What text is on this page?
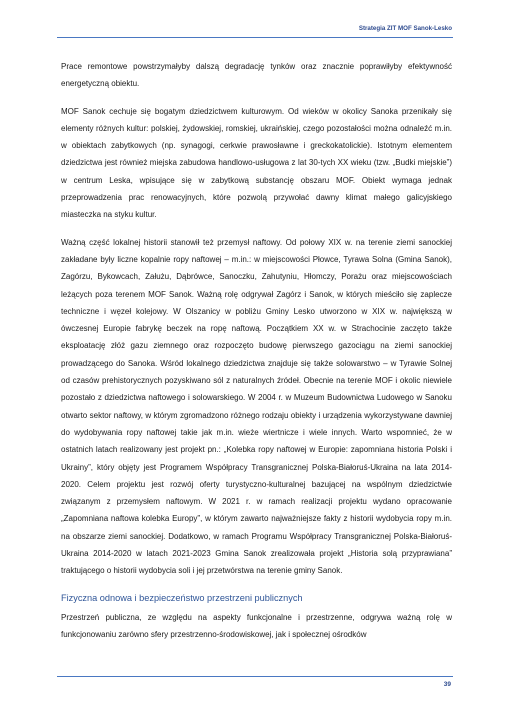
Strategia ZIT MOF Sanok-Lesko

Prace remontowe powstrzymałyby dalszą degradację tynków oraz znacznie poprawiłyby efektywność energetyczną obiektu.

MOF Sanok cechuje się bogatym dziedzictwem kulturowym. Od wieków w okolicy Sanoka przenikały się elementy różnych kultur: polskiej, żydowskiej, romskiej, ukraińskiej, czego pozostałości można odnaleźć m.in. w obiektach zabytkowych (np. synagogi, cerkwie prawosławne i greckokatolickie). Istotnym elementem dziedzictwa jest również miejska zabudowa handlowo-usługowa z lat 30-tych XX wieku (tzw. „Budki miejskie”) w centrum Leska, wpisujące się w zabytkową substancję obszaru MOF. Obiekt wymaga jednak przeprowadzenia prac renowacyjnych, które pozwolą przywołać dawny klimat małego galicyjskiego miasteczka na styku kultur.

Ważną część lokalnej historii stanowił też przemysł naftowy. Od połowy XIX w. na terenie ziemi sanockiej zakładane były liczne kopalnie ropy naftowej – m.in.: w miejscowości Płowce, Tyrawa Solna (Gmina Sanok), Zagórzu, Bykowcach, Załużu, Dąbrówce, Sanoczku, Zahutyniu, Hłomczy, Porażu oraz miejscowościach leżących poza terenem MOF Sanok. Ważną rolę odgrywał Zagórz i Sanok, w których mieściło się zaplecze techniczne i węzeł kolejowy. W Olszanicy w pobliżu Gminy Lesko utworzono w XIX w. największą w ówczesnej Europie fabrykę beczek na ropę naftową. Początkiem XX w. w Strachocinie zaczęto także eksploatację złóż gazu ziemnego oraz rozpoczęto budowę pierwszego gazociągu na ziemi sanockiej prowadzącego do Sanoka. Wśród lokalnego dziedzictwa znajduje się także solowarstwo – w Tyrawie Solnej od czasów prehistorycznych pozyskiwano sól z naturalnych źródeł. Obecnie na terenie MOF i okolic niewiele pozostało z dziedzictwa naftowego i solowarskiego. W 2004 r. w Muzeum Budownictwa Ludowego w Sanoku otwarto sektor naftowy, w którym zgromadzono różnego rodzaju obiekty i urządzenia wykorzystywane dawniej do wydobywania ropy naftowej takie jak m.in. wieże wiertnicze i wiele innych. Warto wspomnieć, że w ostatnich latach realizowany jest projekt pn.: „Kolebka ropy naftowej w Europie: zapomniana historia Polski i Ukrainy”, który objęty jest Programem Współpracy Transgranicznej Polska-Białoruś-Ukraina na lata 2014-2020. Celem projektu jest rozwój oferty turystyczno-kulturalnej bazującej na wspólnym dziedzictwie związanym z przemysłem naftowym. W 2021 r. w ramach realizacji projektu wydano opracowanie „Zapomniana naftowa kolebka Europy”, w którym zawarto najważniejsze fakty z historii wydobycia ropy m.in. na obszarze ziemi sanockiej. Dodatkowo, w ramach Programu Współpracy Transgranicznej Polska-Białoruś-Ukraina 2014-2020 w latach 2021-2023 Gmina Sanok zrealizowała projekt „Historia solą przyprawiana” traktującego o historii wydobycia soli i jej przetwórstwa na terenie gminy Sanok.

Fizyczna odnowa i bezpieczeństwo przestrzeni publicznych

Przestrzeń publiczna, ze względu na aspekty funkcjonalne i przestrzenne, odgrywa ważną rolę w funkcjonowaniu zarówno sfery przestrzenno-środowiskowej, jak i społecznej ośrodków

39
